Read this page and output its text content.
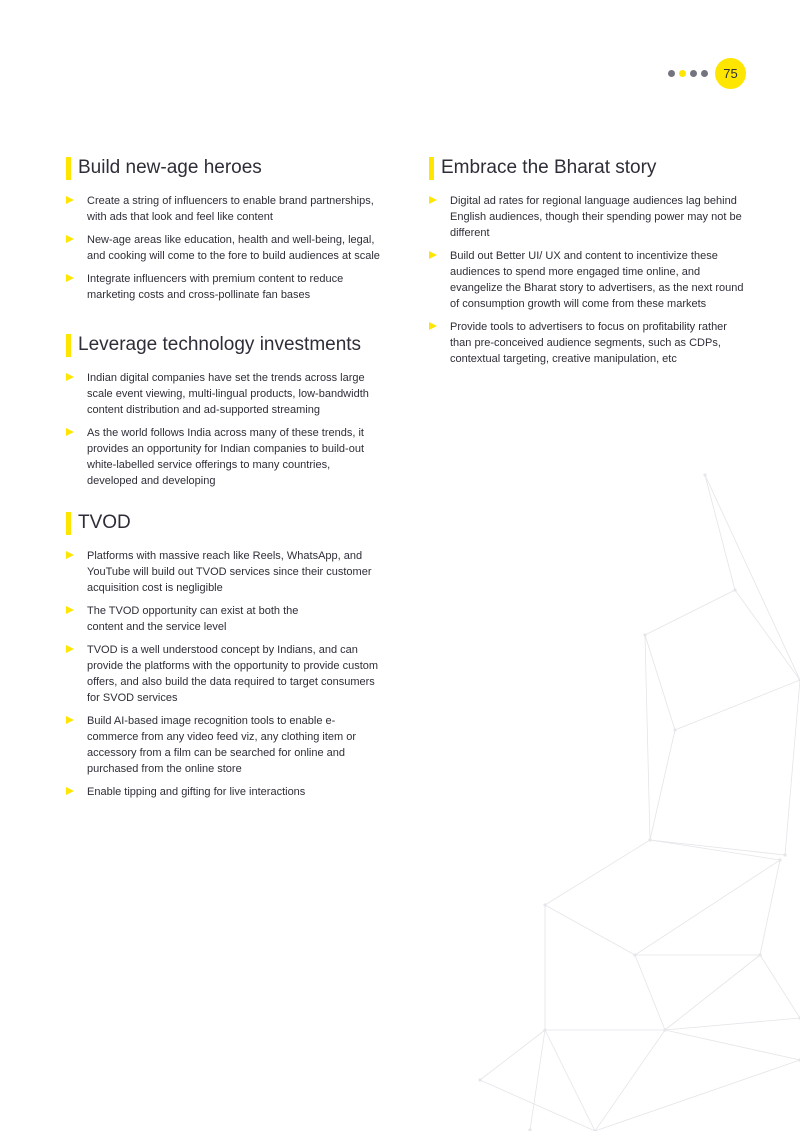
75
Build new-age heroes
Create a string of influencers to enable brand partnerships, with ads that look and feel like content
New-age areas like education, health and well-being, legal, and cooking will come to the fore to build audiences at scale
Integrate influencers with premium content to reduce marketing costs and cross-pollinate fan bases
Leverage technology investments
Indian digital companies have set the trends across large scale event viewing, multi-lingual products, low-bandwidth content distribution and ad-supported streaming
As the world follows India across many of these trends, it provides an opportunity for Indian companies to build-out white-labelled service offerings to many countries, developed and developing
TVOD
Platforms with massive reach like Reels, WhatsApp, and YouTube will build out TVOD services since their customer acquisition cost is negligible
The TVOD opportunity can exist at both the content and the service level
TVOD is a well understood concept by Indians, and can provide the platforms with the opportunity to provide custom offers, and also build the data required to target consumers for SVOD services
Build AI-based image recognition tools to enable e-commerce from any video feed viz, any clothing item or accessory from a film can be searched for online and purchased from the online store
Enable tipping and gifting for live interactions
Embrace the Bharat story
Digital ad rates for regional language audiences lag behind English audiences, though their spending power may not be different
Build out Better UI/ UX and content to incentivize these audiences to spend more engaged time online, and evangelize the Bharat story to advertisers, as the next round of consumption growth will come from these markets
Provide tools to advertisers to focus on profitability rather than pre-conceived audience segments, such as CDPs, contextual targeting, creative manipulation, etc
